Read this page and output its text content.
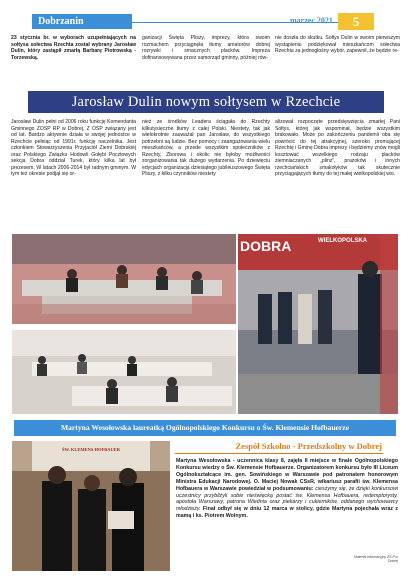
Dobrzanin	marzec 2021	5

23 stycznia br. w wyborach uzupełniających na sołtysa sołectwa Rzechta został wybrany Jarosław Dulin, który zastąpił zmarłą Barbarę Piotrowską - Torzewską.

ganizacji Święta Pliszy, imprezy, która swoim rozmachem przyciągnęła tłumy amatorów dobrej rozrywki i smacznych placków. Impreza dofinansowywana przez samorząd gminny, później rów-

nie doszła do skutku. Sołtys Dulin w swoim pierwszym wystąpieniu podziękował mieszkańcom sołectwa Rzechta za jednogłośny wybór, zapewnił, że będzie re-

Jarosław Dulin nowym sołtysem w Rzechcie

Jarosław Dulin pełni od 2006 roku funkcję Komendanta Gminnego ZOSP RP w Dobrej, Z OSP związany jest od lat. Bardzo aktywnie działa w swojej jednostce w Rzechcie pełniąc od 1991r. funkcję naczelnika. Jest członkiem Stowarzyszenia Przyjaciół Ziemi Dobrskiej oraz Polskiego Związku Hodowli Gołębi Pocztowych sekcja Dobra oddział Turek, który kilka lat był prezesem. W latach 2006-2014 był radnym gminym. W tym też okresie podjął się or-

nież ze środków Leadera ściągała do Rzechty kilkutysięczne tłumy z całej Polski. Niestety, tak jak wielokrotnie zauważał pan Jarosław, do wszystkiego potrzebni są ludzie. Bez pomocy i zaangażowania wielu mieszkańców, a przede wszystkim społeczników z Rzechty, Zborowa i okolic nie byłoby możliwości zorganizowania tak dużego wydarzenia. Po dziewięciu edycjach organizacja dziesiątego jubileuszowego Święta Pliszy, z kilku czynników niestety

alizował rozpoczęte przedsięwzięcia zmarłej Pani Sołtys, której jak wspominał, będzie wszystkim brakowało. Może po zakończeniu pandemii oba się powrócić do tej atrakcyjnej, szeroko promującej Rzechtę i Gminę Dobra imprezy i będziemy znów mogli kosztować wszelkiego rodzaju placków ziemniaczanych „plinz”, prażoków i innych rzechciańskich smakołyków tak skutecznie przyciągających tłumy do tej małej wielkopolskiej wsi.

DOBRA	WIELKOPOLSKA
Martyna Wesołowska laureatką Ogólnopolskiego Konkursu o Św. Klemensie Hofbauerze
ŚW. KLEMENS HOFBAUER	Zespół Szkolno - Przedszkolny w Dobrej

Martyna Wesołowska - uczennica klasy 8, zajęła II miejsce w finale Ogólnopolskiego Konkursu wiedzy o Św. Klemensie Hofbauerze. Organizatorem konkursu było III Liceum Ogólnokształcące im. gen. Sowińskiego w Warszawie pod patronatem honorowym Ministra Edukacji Narodowej. O. Maciej Nowak CSsR, wikariusz parafii św. Klemensa Hofbauera w Warszawie powiedział w podsumowaniu: cieszymy się, że dzięki konkursowi uczestnicy przybliżyli sobie nieświęcką postać św. Klemensa Hofbauera, redemptorysty, apostoła Warszawy, patrona Wiednia oraz piekarzy i cukierników, oddanego wychowawcy młodzieży. Finał odbył się w dniu 12 marca w stolicy, gdzie Martyna pojechała wraz z mamą i ks. Piotrem Wolnym.

Materiał informacyjny ZS-P w Dobrej
